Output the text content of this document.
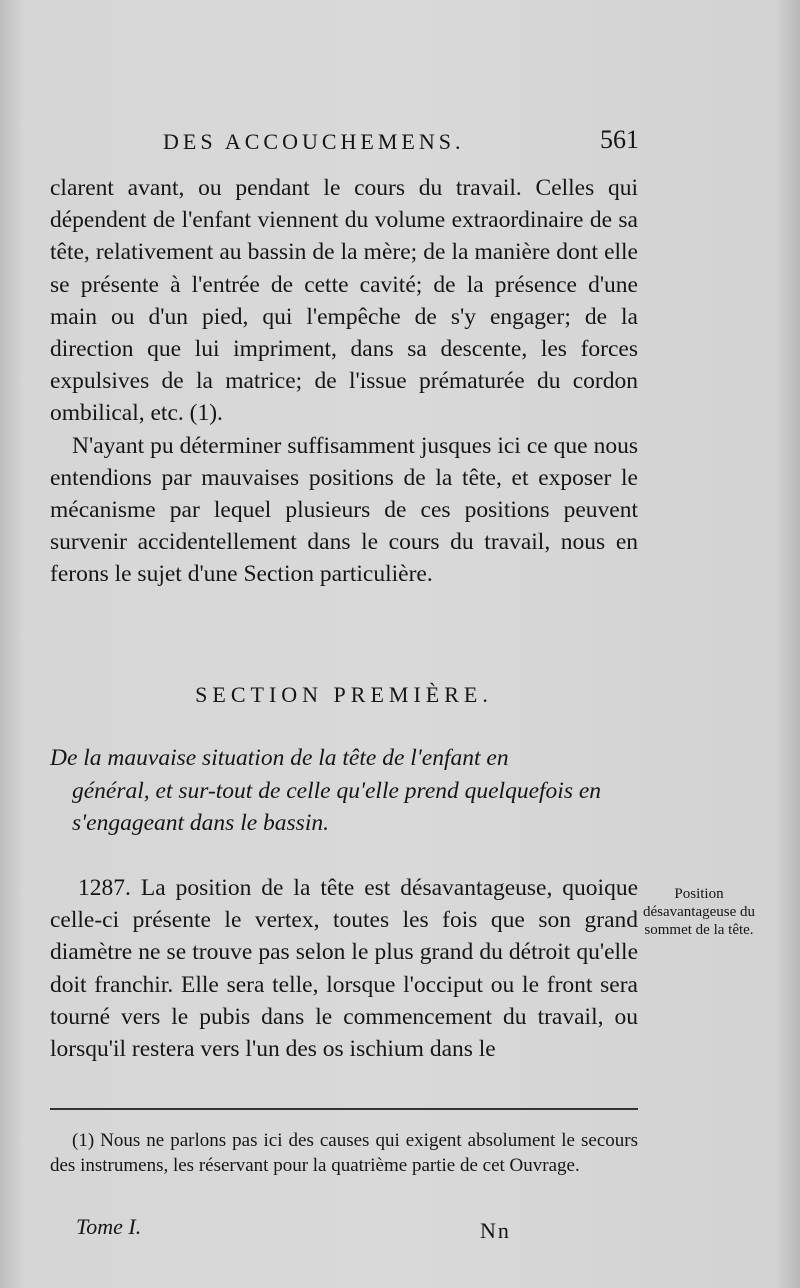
DES ACCOUCHEMENS.	561

clarent avant, ou pendant le cours du travail. Celles qui dépendent de l'enfant viennent du volume extraordinaire de sa tête, relativement au bassin de la mère; de la manière dont elle se présente à l'entrée de cette cavité; de la présence d'une main ou d'un pied, qui l'empêche de s'y engager; de la direction que lui impriment, dans sa descente, les forces expulsives de la matrice; de l'issue prématurée du cordon ombilical, etc. (1).

N'ayant pu déterminer suffisamment jusques ici ce que nous entendions par mauvaises positions de la tête, et exposer le mécanisme par lequel plusieurs de ces positions peuvent survenir accidentellement dans le cours du travail, nous en ferons le sujet d'une Section particulière.

SECTION PREMIÈRE.
De la mauvaise situation de la tête de l'enfant en
général, et sur-tout de celle qu'elle prend quelquefois en s'engageant dans le bassin.
1287. La position de la tête est désavantageuse, quoique celle-ci présente le vertex, toutes les fois que son grand diamètre ne se trouve pas selon le plus grand du détroit qu'elle doit franchir. Elle sera telle, lorsque l'occiput ou le front sera tourné vers le pubis dans le commencement du travail, ou lorsqu'il restera vers l'un des os ischium dans le
Position désavantageuse du sommet de la tête.
(1) Nous ne parlons pas ici des causes qui exigent absolument le secours des instrumens, les réservant pour la quatrième partie de cet Ouvrage.
Tome I.	Nn
